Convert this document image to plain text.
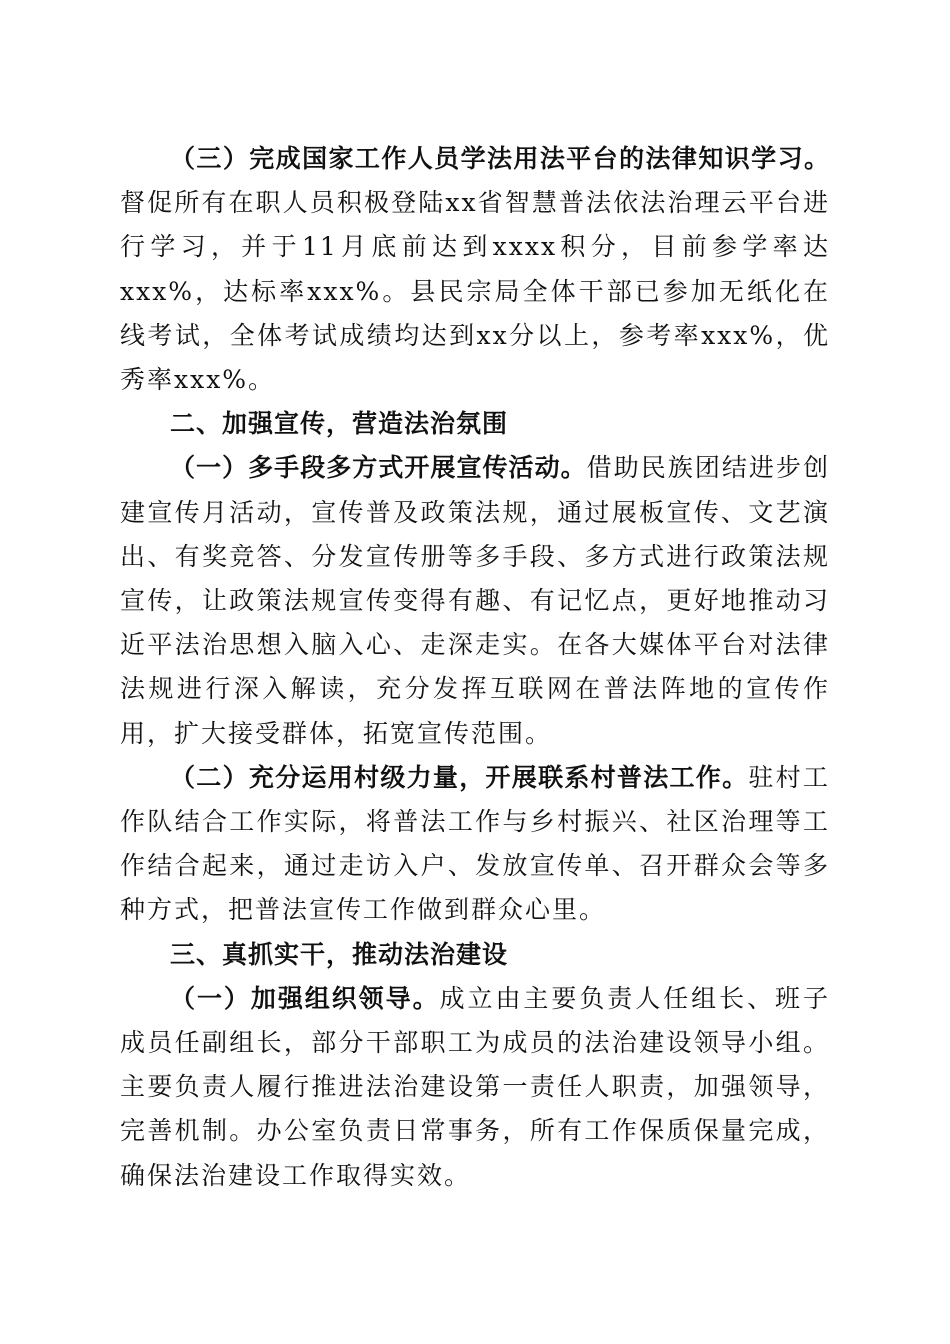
（三）完成国家工作人员学法用法平台的法律知识学习。督促所有在职人员积极登陆xx省智慧普法依法治理云平台进行学习，并于11月底前达到xxxx积分，目前参学率达xxx%，达标率xxx%。县民宗局全体干部已参加无纸化在线考试，全体考试成绩均达到xx分以上，参考率xxx%，优秀率xxx%。

二、加强宣传，营造法治氛围

（一）多手段多方式开展宣传活动。借助民族团结进步创建宣传月活动，宣传普及政策法规，通过展板宣传、文艺演出、有奖竞答、分发宣传册等多手段、多方式进行政策法规宣传，让政策法规宣传变得有趣、有记忆点，更好地推动习近平法治思想入脑入心、走深走实。在各大媒体平台对法律法规进行深入解读，充分发挥互联网在普法阵地的宣传作用，扩大接受群体，拓宽宣传范围。

（二）充分运用村级力量，开展联系村普法工作。驻村工作队结合工作实际，将普法工作与乡村振兴、社区治理等工作结合起来，通过走访入户、发放宣传单、召开群众会等多种方式，把普法宣传工作做到群众心里。

三、真抓实干，推动法治建设

（一）加强组织领导。成立由主要负责人任组长、班子成员任副组长，部分干部职工为成员的法治建设领导小组。主要负责人履行推进法治建设第一责任人职责，加强领导，完善机制。办公室负责日常事务，所有工作保质保量完成，确保法治建设工作取得实效。
